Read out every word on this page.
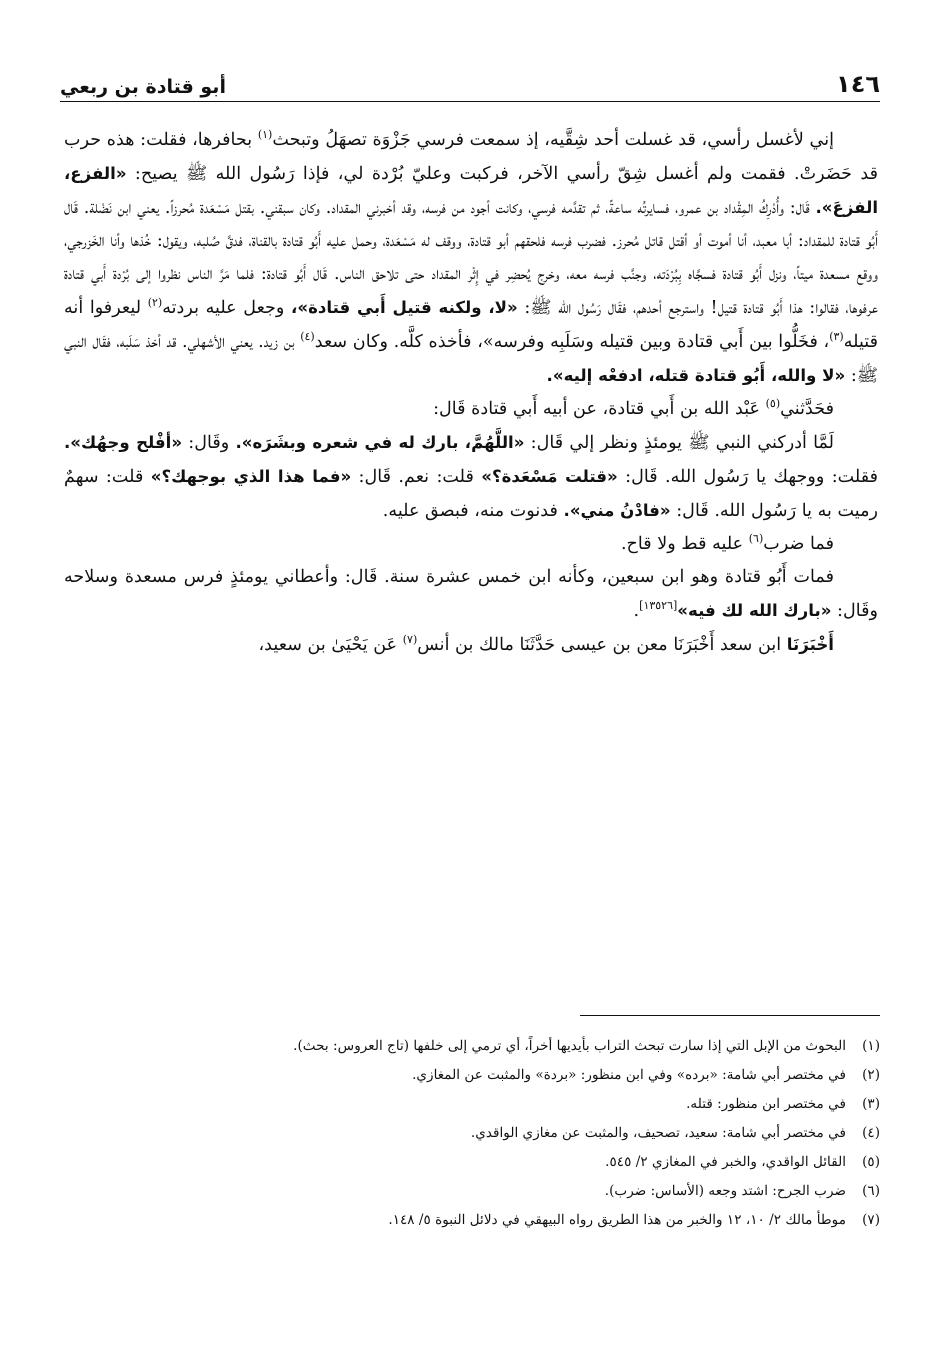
١٤٦
أبو قتادة بن ربعي

إني لأغسل رأسي، قد غسلت أحد شِقَّيه، إذ سمعت فرسي جَزْوَة تصهَلُ وتبحث$^{(١)}$ بحافرها، فقلت: هذه حرب قد حَضَرتْ. فقمت ولم أغسل شِقّ رأسي الآخر، فركبت وعليّ بُرْدة لي، فإذا رَسُول الله ﷺ يصيح: «الفزع، الفزعَ». قَال: وأُدْرِكُ المِقْداد بن عمرو، فسايرتُه ساعةً، ثم تقدَّمه فرسي، وكانت أجود من فرسه، وقد أخبرني المقداد. وكان سبقني. بقتل مَسْعَدة مُحرزاً. يعني ابن نَضْلة. قَال أَبُو قتادة للمقداد: أبا معبد، أنا أموت أو أقتل قاتل مُحرز. فضرب فرسه فلحقهم أبو قتادة، ووقف له مَسْعَدة، وحمل عليه أَبُو قتادة بالقناة، فدقَّ صُلبه، ويقول: خُذها وأنا الخَزرجي، ووقع مسعدة ميتاً، ونزل أَبُو قتادة فسجَّاه بِبُرْدَته، وجنَّب فرسه معه، وخرج يُحضِر في إِثْر المقداد حتى تلاحق الناس. قَال أَبُو قتادة: فلما مَرَّ الناس نظروا إلى بُرْدة أَبي قتادة عرفوها، فقالوا: هذا أَبُو قتادة قتيل! واسترجع أحدهم، فقَال رَسُول الله ﷺ: «لا، ولكنه قتيل أَبي قتادة»، وجعل عليه بردته$^{(٢)}$ ليعرفوا أنه قتيله$^{(٣)}$، فخَلُّوا بين أَبي قتادة وبين قتيله وسَلَبِه وفرسه»، فأخذه كلَّه. وكان سعد$^{(٤)}$ بن زيد. يعني الأشهلي. قد أخذ سَلَبه، فقَال النبي ﷺ: «لا والله، أَبُو قتادة قتله، ادفعْه إليه».

فحَدَّثني$^{(٥)}$ عَبْد الله بن أَبي قتادة، عن أبيه أَبي قتادة قَال:

لَمَّا أدركني النبي ﷺ يومئذٍ ونظر إلي قَال: «اللَّهُمَّ، بارك له في شعره وبشَرَه». وقَال: «أفْلح وجهُك». فقلت: ووجهك يا رَسُول الله. قَال: «قتلت مَسْعَدة؟» قلت: نعم. قَال: «فما هذا الذي بوجهك؟» قلت: سهمٌ رميت به يا رَسُول الله. قَال: «فادْنُ مني». فدنوت منه، فبصق عليه.

فما ضرب$^{(٦)}$ عليه قط ولا قاح.

فمات أَبُو قتادة وهو ابن سبعين، وكأنه ابن خمس عشرة سنة. قَال: وأعطاني يومئذٍ فرس مسعدة وسلاحه وقَال: «بارك الله لك فيه»[١٣٥٢٦].

أَخْبَرَنَا ابن سعد أَخْبَرَنَا معن بن عيسى حَدَّثَنَا مالك بن أنس$^{(٧)}$ عَن يَحْيَىٰ بن سعيد،

(١)
البحوث من الإبل التي إذا سارت تبحث التراب بأيديها أخراً، أي ترمي إلى خلفها (تاج العروس: بحث).
(٢)
في مختصر أبي شامة: «برده» وفي ابن منظور: «بردة» والمثبت عن المغازي.
(٣)
في مختصر ابن منظور: قتله.
(٤)
في مختصر أبي شامة: سعيد، تصحيف، والمثبت عن مغازي الواقدي.
(٥)
القائل الواقدي، والخبر في المغازي ٢/ ٥٤٥.
(٦)
ضرب الجرح: اشتد وجعه (الأساس: ضرب).
(٧)
موطأ مالك ٢/ ١٠، ١٢ والخبر من هذا الطريق رواه البيهقي في دلائل النبوة ٥/ ١٤٨.
